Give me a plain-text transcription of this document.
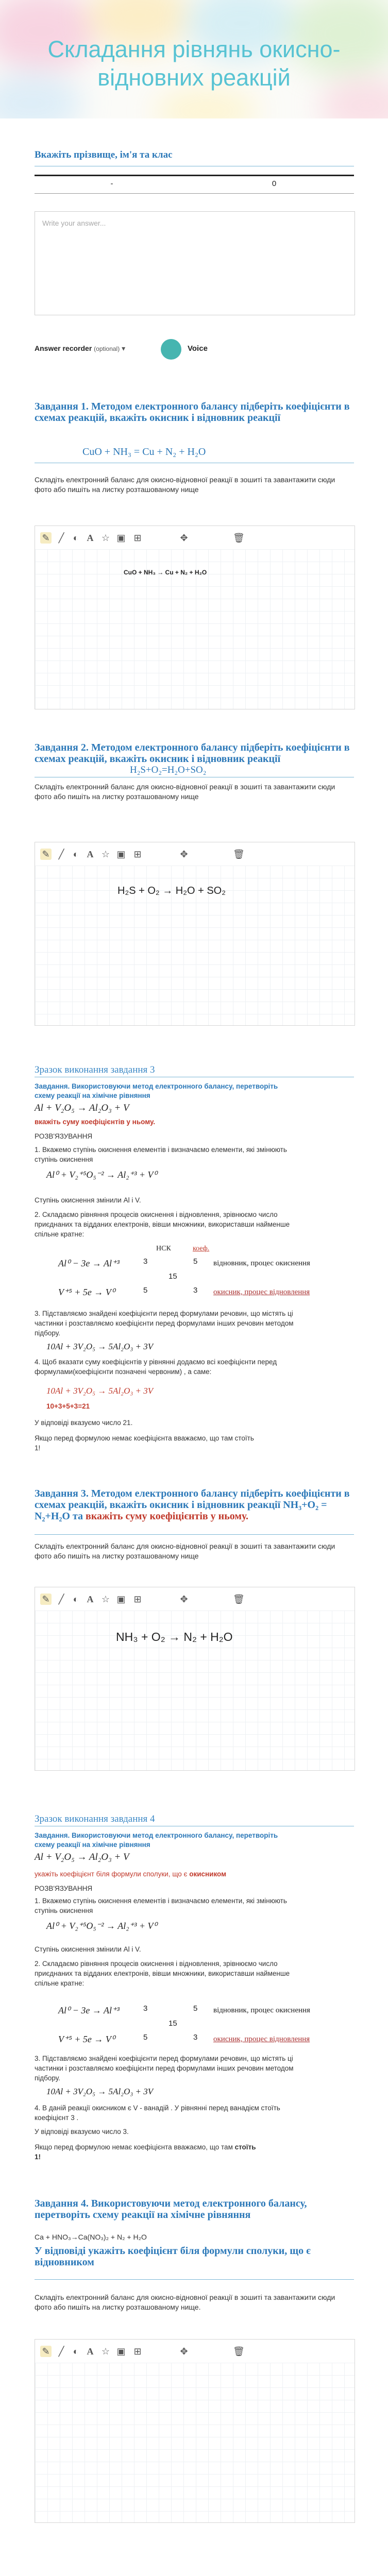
Складання рівнянь окисно-відновних реакцій
Вкажіть прізвище, ім'я та клас
-	0
Write your answer...
Answer recorder (optional) ▾	Voice
Завдання 1. Методом електронного балансу підберіть коефіцієнти в схемах реакцій, вкажіть окисник і відновник реакції
CuO + NH₃ = Cu + N₂ + H₂O
Складіть електронний баланс для окисно-відновної реакції в зошиті та завантажити сюди фото або пишіть на листку розташованому нище
✎ ╱ ◐ A ☆ ▣ ⊞	✥	🗑
CuO + NH₃ → Cu + N₂ + H₂O
Завдання 2. Методом електронного балансу підберіть коефіцієнти в схемах реакцій, вкажіть окисник і відновник реакції
H₂S+O₂=H₂O+SO₂
Складіть електронний баланс для окисно-відновної реакції в зошиті та завантажити сюди фото або пишіть на листку розташованому нище
✎ ╱ ◐ A ☆ ▣ ⊞	✥	🗑
H₂S + O₂ → H₂O + SO₂
Зразок виконання завдання 3
Завдання. Використовуючи метод електронного балансу, перетворіть схему реакції на хімічне рівняння
Al + V₂O₅ → Al₂O₃ + V
вкажіть суму коефіцієнтів у ньому.
РОЗВ'ЯЗУВАННЯ
1. Вкажемо ступінь окиснення елементів і визначаємо елементи, які змінюють ступінь окиснення
Al⁰ + V₂⁺⁵O₅⁻² → Al₂⁺³ + V⁰
Ступінь окиснення змінили Al і V.
2. Складаємо рівняння процесів окиснення і відновлення, зрівнюємо число приєднаних та відданих електронів, вівши множники, використавши найменше спільне кратне:
НСК	коеф.
Al⁰ − 3e → Al⁺³	3	5 відновник, процес окиснення
15
V⁺⁵ + 5e → V⁰	5	3 окисник, процес відновлення
3. Підставляємо знайдені коефіцієнти перед формулами речовин, що містять ці частинки і розставляємо коефіцієнти перед формулами інших речовин методом підбору.
10Al + 3V₂O₅ → 5Al₂O₃ + 3V
4. Щоб вказати суму коефіцієнтів у рівнянні додаємо всі коефіцієнти перед формулами(коефіцієнти позначені червоним) , а саме:
10Al + 3V₂O₅ → 5Al₂O₃ + 3V
10+3+5+3=21
У відповіді вказуємо число 21.
Якщо перед формулою немає коефіцієнта вважаємо, що там стоїть 1!
Завдання 3. Методом електронного балансу підберіть коефіцієнти в схемах реакцій, вкажіть окисник і відновник реакції NH₃+O₂ = N₂+H₂O та вкажіть суму коефіцієнтів у ньому.
Складіть електронний баланс для окисно-відновної реакції в зошиті та завантажити сюди фото або пишіть на листку розташованому нище
✎ ╱ ◐ A ☆ ▣ ⊞	✥	🗑
NH₃ + O₂ → N₂ + H₂O
Зразок виконання завдання 4
Завдання. Використовуючи метод електронного балансу, перетворіть схему реакції на хімічне рівняння
Al + V₂O₅ → Al₂O₃ + V
укажіть коефіцієнт біля формули сполуки, що є окисником
РОЗВ'ЯЗУВАННЯ
1. Вкажемо ступінь окиснення елементів і визначаємо елементи, які змінюють ступінь окиснення
Al⁰ + V₂⁺⁵O₅⁻² → Al₂⁺³ + V⁰
Ступінь окиснення змінили Al і V.
2. Складаємо рівняння процесів окиснення і відновлення, зрівнюємо число приєднаних та відданих електронів, вівши множники, використавши найменше спільне кратне:
Al⁰ − 3e → Al⁺³	3	5 відновник, процес окиснення
15
V⁺⁵ + 5e → V⁰	5	3 окисник, процес відновлення
3. Підставляємо знайдені коефіцієнти перед формулами речовин, що містять ці частинки і розставляємо коефіцієнти перед формулами інших речовин методом підбору.
10Al + 3V₂O₅ → 5Al₂O₃ + 3V
4. В даній реакції окисником є V - ванадій . У рівнянні перед ванадієм стоїть коефіцієнт 3 .
У відповіді вказуємо число 3.
Якщо перед формулою немає коефіцієнта вважаємо, що там стоїть 1!
Завдання 4. Використовуючи метод електронного балансу, перетворіть схему реакції на хімічне рівняння
Ca + HNO₃→Ca(NO₃)₂ + N₂ + H₂O
У відповіді укажіть коефіцієнт біля формули сполуки, що є відновником
Складіть електронний баланс для окисно-відновної реакції в зошиті та завантажити сюди фото або пишіть на листку розташованому нище.
✎ ╱ ◐ A ☆ ▣ ⊞	✥	🗑
